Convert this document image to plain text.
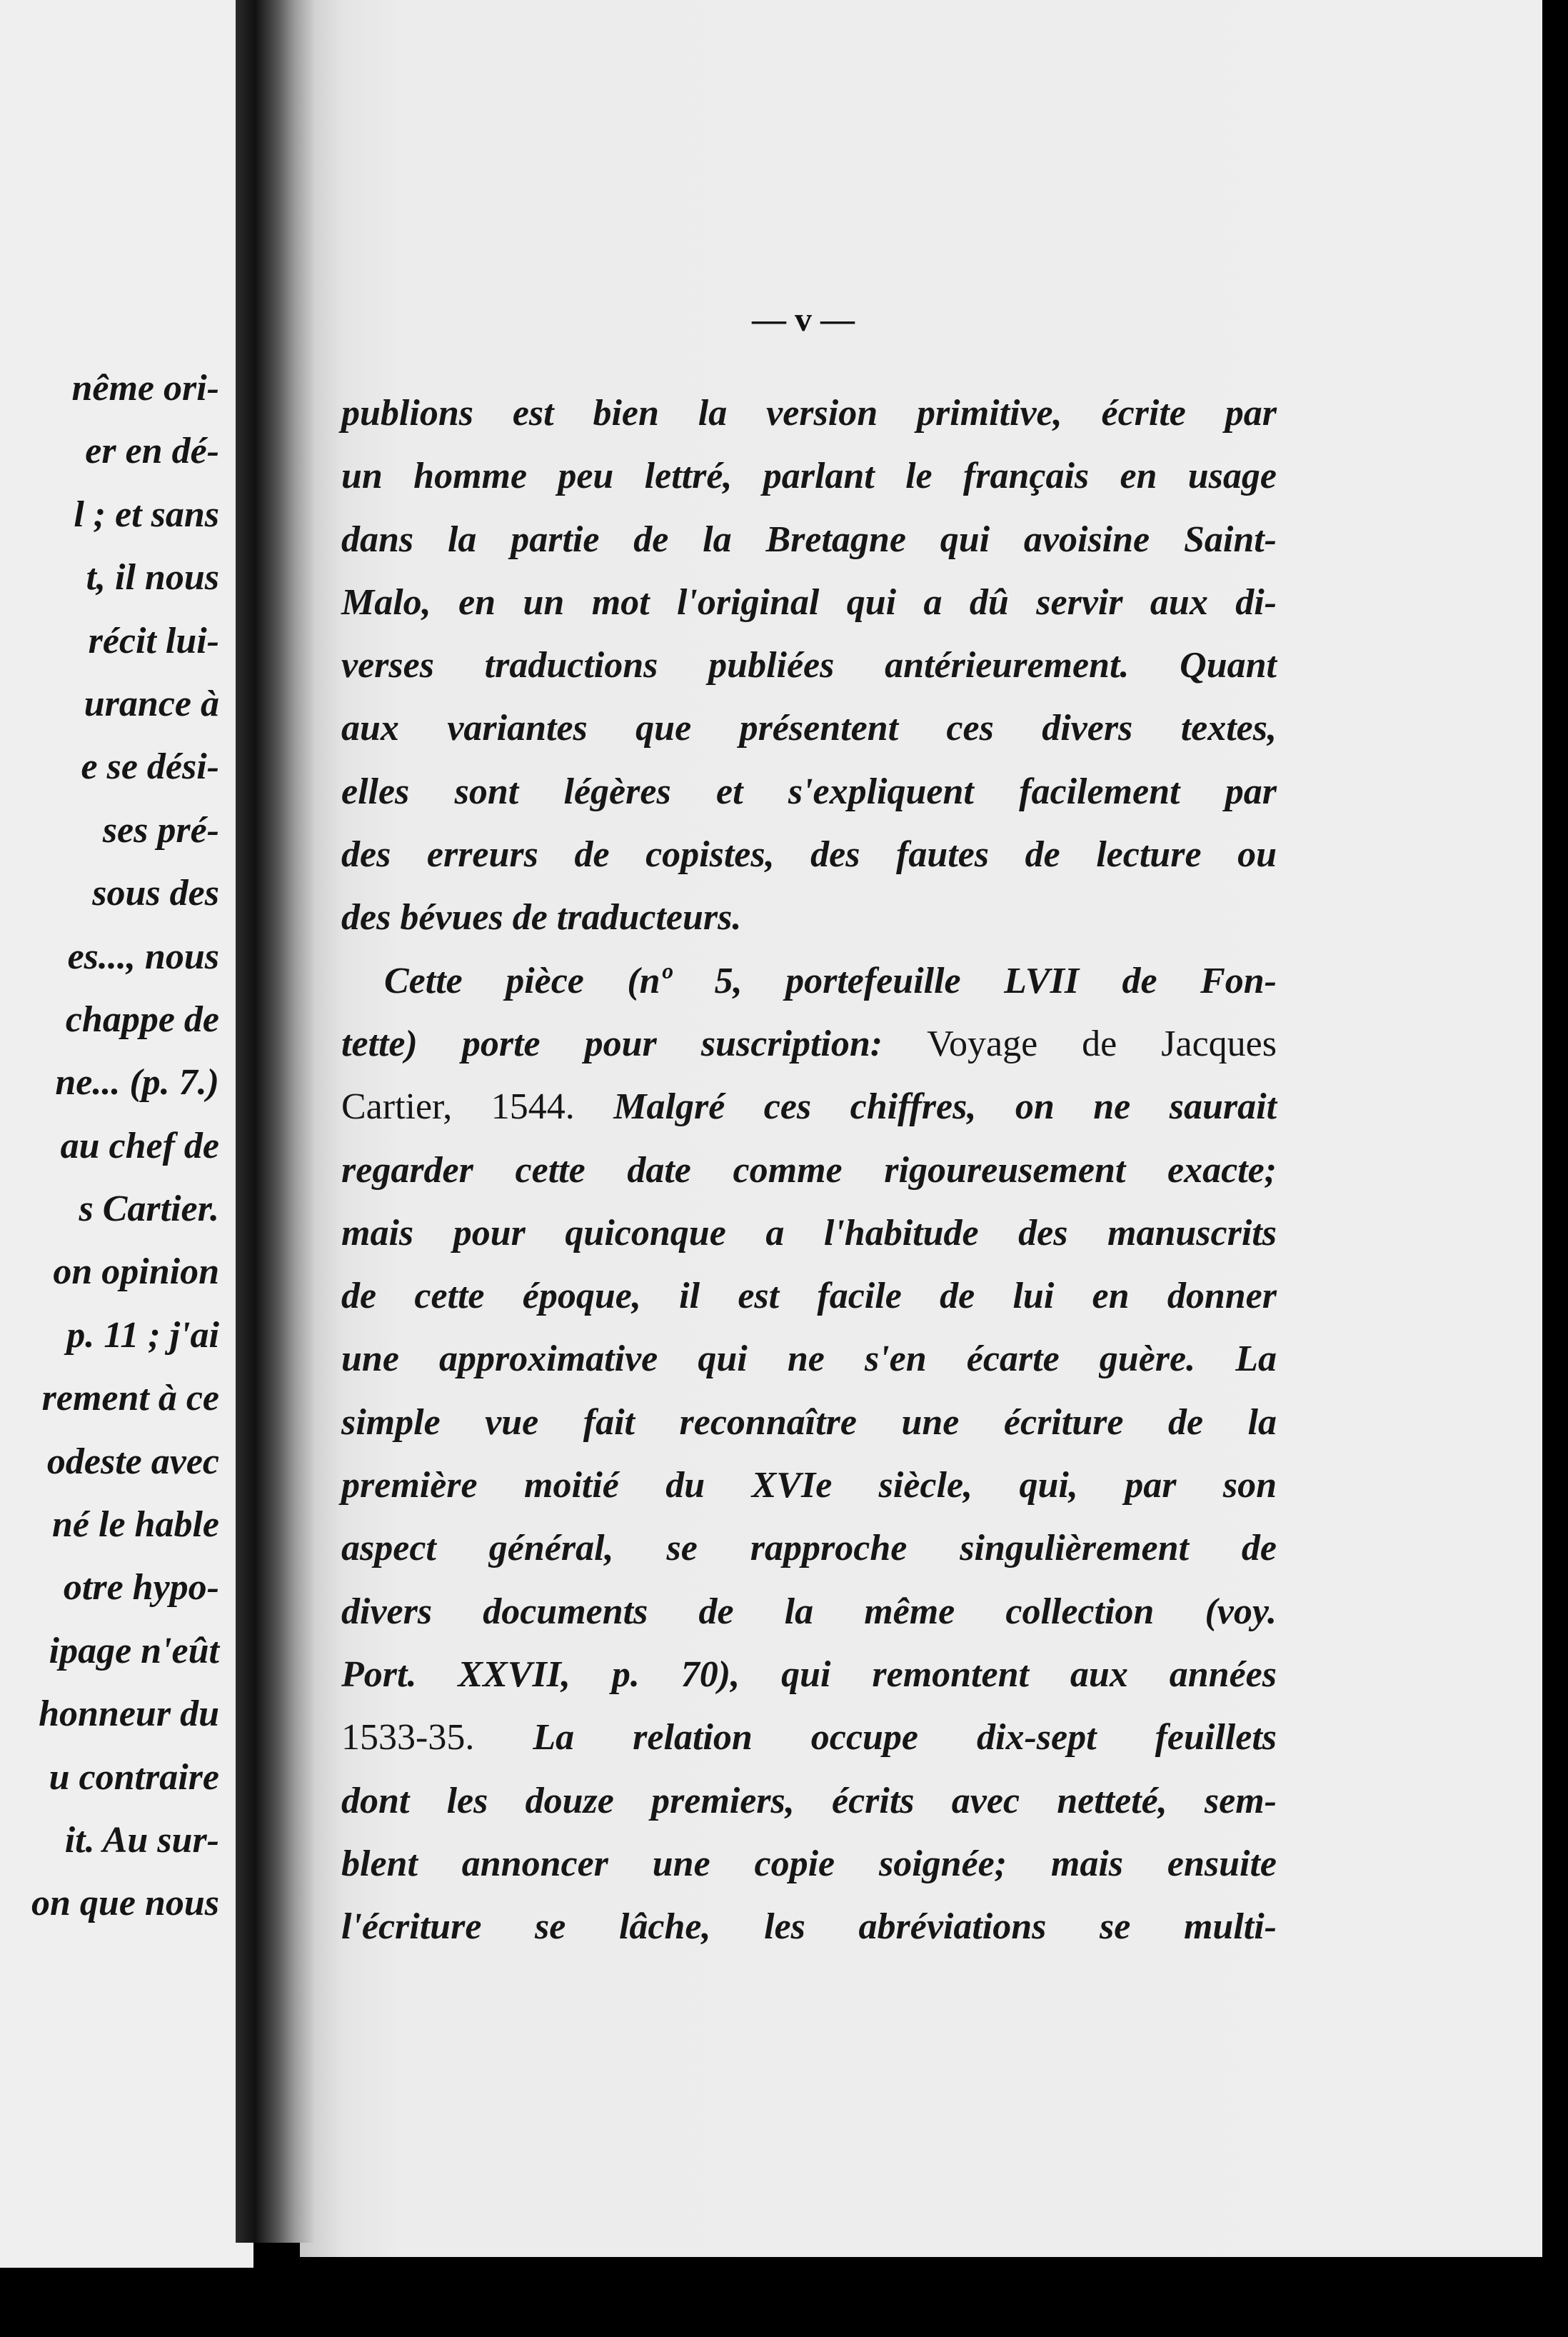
nême ori-
er en dé-
l ; et sans
t, il nous
récit lui-
urance à
e se dési-
ses pré-
sous des
es..., nous
chappe de
ne... (p. 7.)
au chef de
s Cartier.
on opinion
p. 11 ; j'ai
rement à ce
odeste avec
né le hable
otre hypo-
ipage n'eût
honneur du
u contraire
it. Au sur-
on que nous
— v —
publions est bien la version primitive, écrite par
un homme peu lettré, parlant le français en usage
dans la partie de la Bretagne qui avoisine Saint-
Malo, en un mot l'original qui a dû servir aux di-
verses traductions publiées antérieurement. Quant
aux variantes que présentent ces divers textes,
elles sont légères et s'expliquent facilement par
des erreurs de copistes, des fautes de lecture ou
des bévues de traducteurs.
Cette pièce (nº 5, portefeuille LVII de Fon-
tette) porte pour suscription: Voyage de Jacques
Cartier, 1544. Malgré ces chiffres, on ne saurait
regarder cette date comme rigoureusement exacte;
mais pour quiconque a l'habitude des manuscrits
de cette époque, il est facile de lui en donner
une approximative qui ne s'en écarte guère. La
simple vue fait reconnaître une écriture de la
première moitié du XVIe siècle, qui, par son
aspect général, se rapproche singulièrement de
divers documents de la même collection (voy.
Port. XXVII, p. 70), qui remontent aux années
1533-35. La relation occupe dix-sept feuillets
dont les douze premiers, écrits avec netteté, sem-
blent annoncer une copie soignée; mais ensuite
l'écriture se lâche, les abréviations se multi-
